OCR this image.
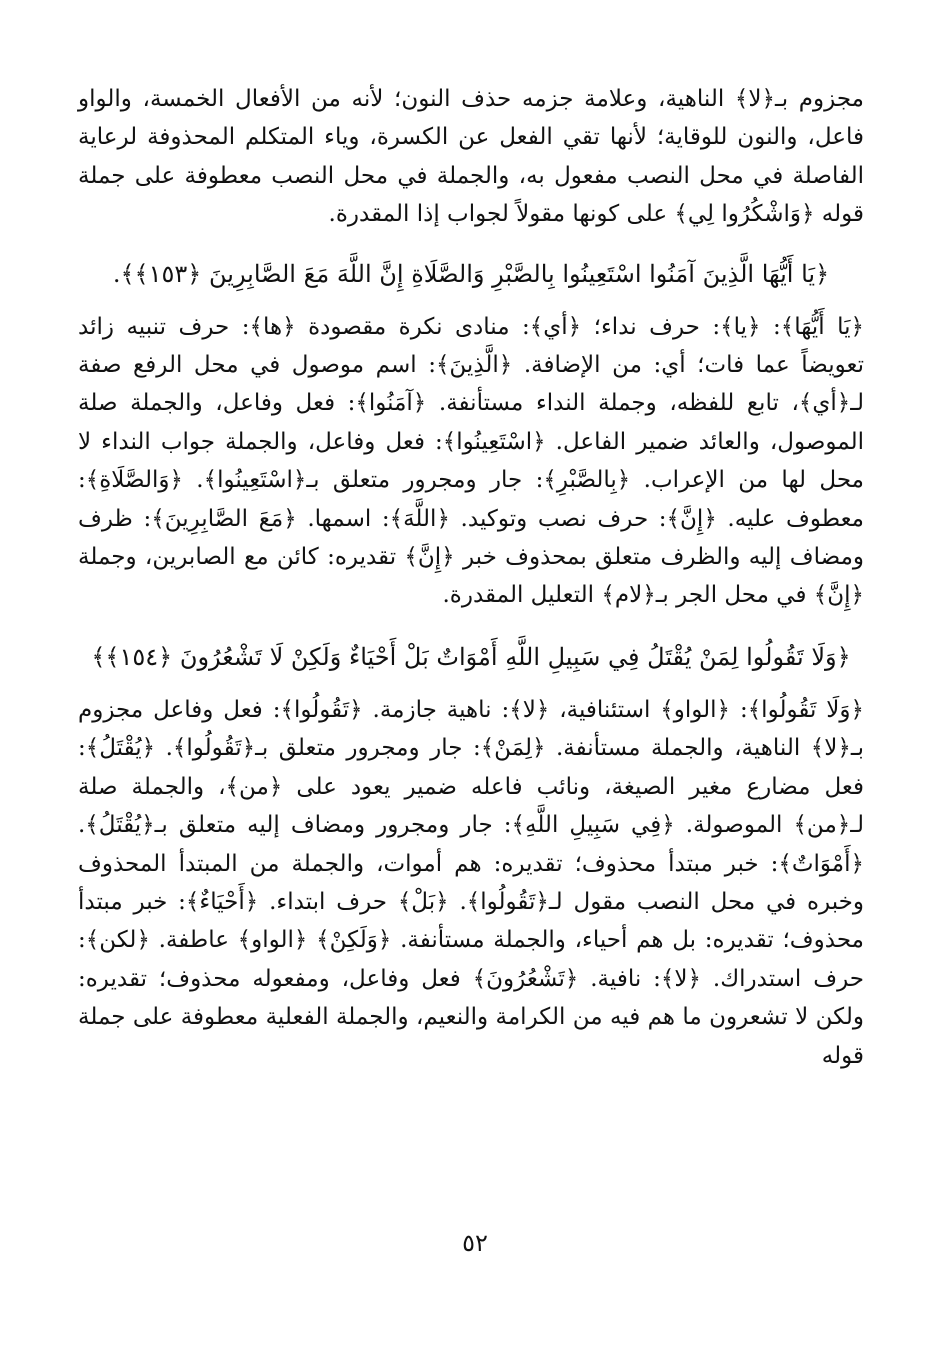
مجزوم بـ﴿لا﴾ الناهية، وعلامة جزمه حذف النون؛ لأنه من الأفعال الخمسة، والواو فاعل، والنون للوقاية؛ لأنها تقي الفعل عن الكسرة، وياء المتكلم المحذوفة لرعاية الفاصلة في محل النصب مفعول به، والجملة في محل النصب معطوفة على جملة قوله ﴿وَاشْكُرُوا لِي﴾ على كونها مقولاً لجواب إذا المقدرة.

﴿يَا أَيُّهَا الَّذِينَ آمَنُوا اسْتَعِينُوا بِالصَّبْرِ وَالصَّلَاةِ إِنَّ اللَّهَ مَعَ الصَّابِرِينَ ﴿١٥٣﴾﴾.

﴿يَا أَيُّهَا﴾: ﴿يا﴾: حرف نداء؛ ﴿أي﴾: منادى نكرة مقصودة ﴿ها﴾: حرف تنبيه زائد تعويضاً عما فات؛ أي: من الإضافة. ﴿الَّذِينَ﴾: اسم موصول في محل الرفع صفة لـ﴿أي﴾، تابع للفظه، وجملة النداء مستأنفة. ﴿آمَنُوا﴾: فعل وفاعل، والجملة صلة الموصول، والعائد ضمير الفاعل. ﴿اسْتَعِينُوا﴾: فعل وفاعل، والجملة جواب النداء لا محل لها من الإعراب. ﴿بِالصَّبْرِ﴾: جار ومجرور متعلق بـ﴿اسْتَعِينُوا﴾. ﴿وَالصَّلَاةِ﴾: معطوف عليه. ﴿إِنَّ﴾: حرف نصب وتوكيد. ﴿اللَّهَ﴾: اسمها. ﴿مَعَ الصَّابِرِينَ﴾: ظرف ومضاف إليه والظرف متعلق بمحذوف خبر ﴿إِنَّ﴾ تقديره: كائن مع الصابرين، وجملة ﴿إِنَّ﴾ في محل الجر بـ﴿لام﴾ التعليل المقدرة.

﴿وَلَا تَقُولُوا لِمَنْ يُقْتَلُ فِي سَبِيلِ اللَّهِ أَمْوَاتٌ بَلْ أَحْيَاءٌ وَلَكِنْ لَا تَشْعُرُونَ ﴿١٥٤﴾﴾

﴿وَلَا تَقُولُوا﴾: ﴿الواو﴾ استئنافية، ﴿لا﴾: ناهية جازمة. ﴿تَقُولُوا﴾: فعل وفاعل مجزوم بـ﴿لا﴾ الناهية، والجملة مستأنفة. ﴿لِمَنْ﴾: جار ومجرور متعلق بـ﴿تَقُولُوا﴾. ﴿يُقْتَلُ﴾: فعل مضارع مغير الصيغة، ونائب فاعله ضمير يعود على ﴿من﴾، والجملة صلة لـ﴿من﴾ الموصولة. ﴿فِي سَبِيلِ اللَّهِ﴾: جار ومجرور ومضاف إليه متعلق بـ﴿يُقْتَلُ﴾. ﴿أَمْوَاتٌ﴾: خبر مبتدأ محذوف؛ تقديره: هم أموات، والجملة من المبتدأ المحذوف وخبره في محل النصب مقول لـ﴿تَقُولُوا﴾. ﴿بَلْ﴾ حرف ابتداء. ﴿أَحْيَاءٌ﴾: خبر مبتدأ محذوف؛ تقديره: بل هم أحياء، والجملة مستأنفة. ﴿وَلَكِنْ﴾ ﴿الواو﴾ عاطفة. ﴿لكن﴾: حرف استدراك. ﴿لا﴾: نافية. ﴿تَشْعُرُونَ﴾ فعل وفاعل، ومفعوله محذوف؛ تقديره: ولكن لا تشعرون ما هم فيه من الكرامة والنعيم، والجملة الفعلية معطوفة على جملة قوله

٥٢
